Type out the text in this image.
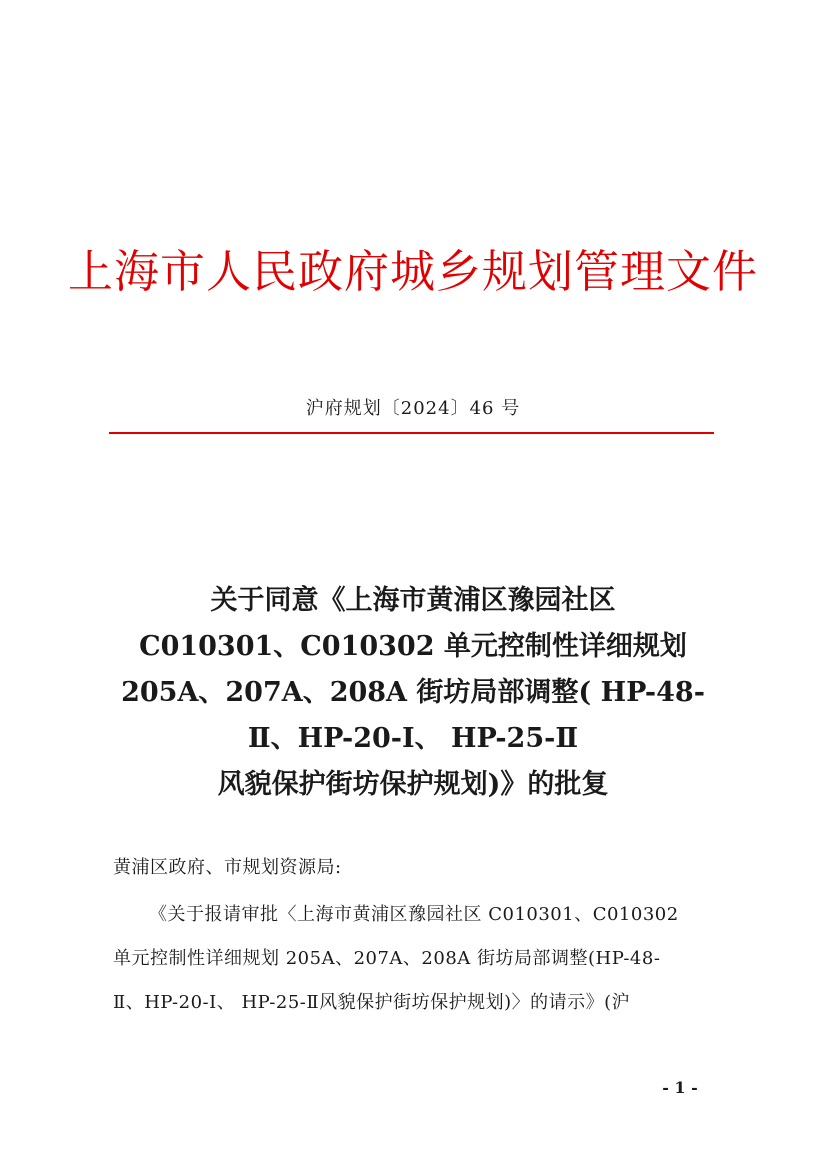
上海市人民政府城乡规划管理文件
沪府规划〔2024〕46 号
关于同意《上海市黄浦区豫园社区
C010301、C010302 单元控制性详细规划
205A、207A、208A 街坊局部调整( HP-48-
Ⅱ、HP-20-I、 HP-25-Ⅱ
风貌保护街坊保护规划)》的批复
黄浦区政府、市规划资源局:
《关于报请审批〈上海市黄浦区豫园社区 C010301、C010302
单元控制性详细规划 205A、207A、208A 街坊局部调整(HP-48-
Ⅱ、HP-20-I、 HP-25-Ⅱ风貌保护街坊保护规划)〉的请示》(沪
- 1 -
